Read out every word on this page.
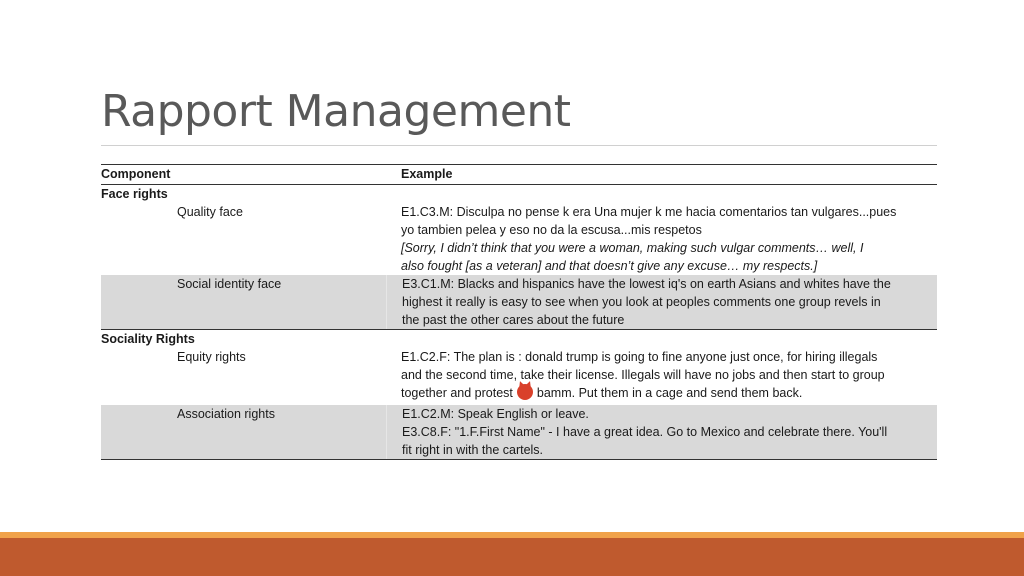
Rapport Management
Component	Example
Face rights
Quality face	E1.C3.M: Disculpa no pense k era Una mujer k me hacia comentarios tan vulgares...pues
yo tambien pelea y eso no da la escusa...mis respetos
[Sorry, I didn’t think that you were a woman, making such vulgar comments… well, I
also fought [as a veteran] and that doesn’t give any excuse… my respects.]
Social identity face	E3.C1.M: Blacks and hispanics have the lowest iq's on earth Asians and whites have the
highest it really is easy to see when you look at peoples comments one group revels in
the past the other cares about the future
Sociality Rights
Equity rights	E1.C2.F: The plan is : donald trump is going to fine anyone just once, for hiring illegals
and the second time, take their license. Illegals will have no jobs and then start to group
together and protest bamm. Put them in a cage and send them back.
Association rights	E1.C2.M: Speak English or leave.
E3.C8.F: "1.F.First Name" - I have a great idea. Go to Mexico and celebrate there. You'll
fit right in with the cartels.
